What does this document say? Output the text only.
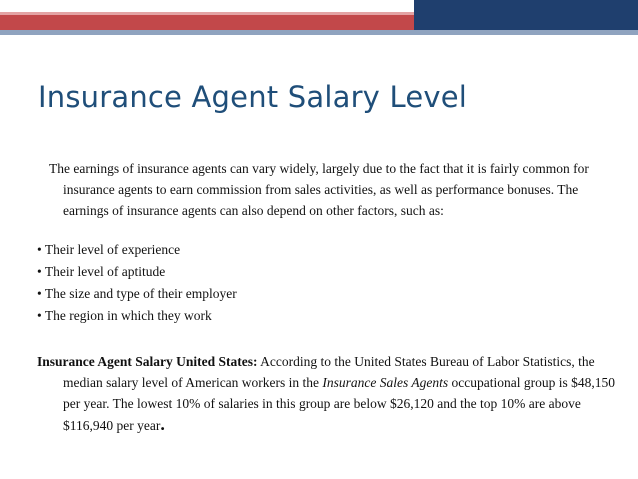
Insurance Agent Salary Level

The earnings of insurance agents can vary widely, largely due to the fact that it is fairly common for insurance agents to earn commission from sales activities, as well as performance bonuses. The earnings of insurance agents can also depend on other factors, such as:

• Their level of experience
• Their level of aptitude
• The size and type of their employer
• The region in which they work

Insurance Agent Salary United States: According to the United States Bureau of Labor Statistics, the median salary level of American workers in the Insurance Sales Agents occupational group is $48,150 per year. The lowest 10% of salaries in this group are below $26,120 and the top 10% are above $116,940 per year.
